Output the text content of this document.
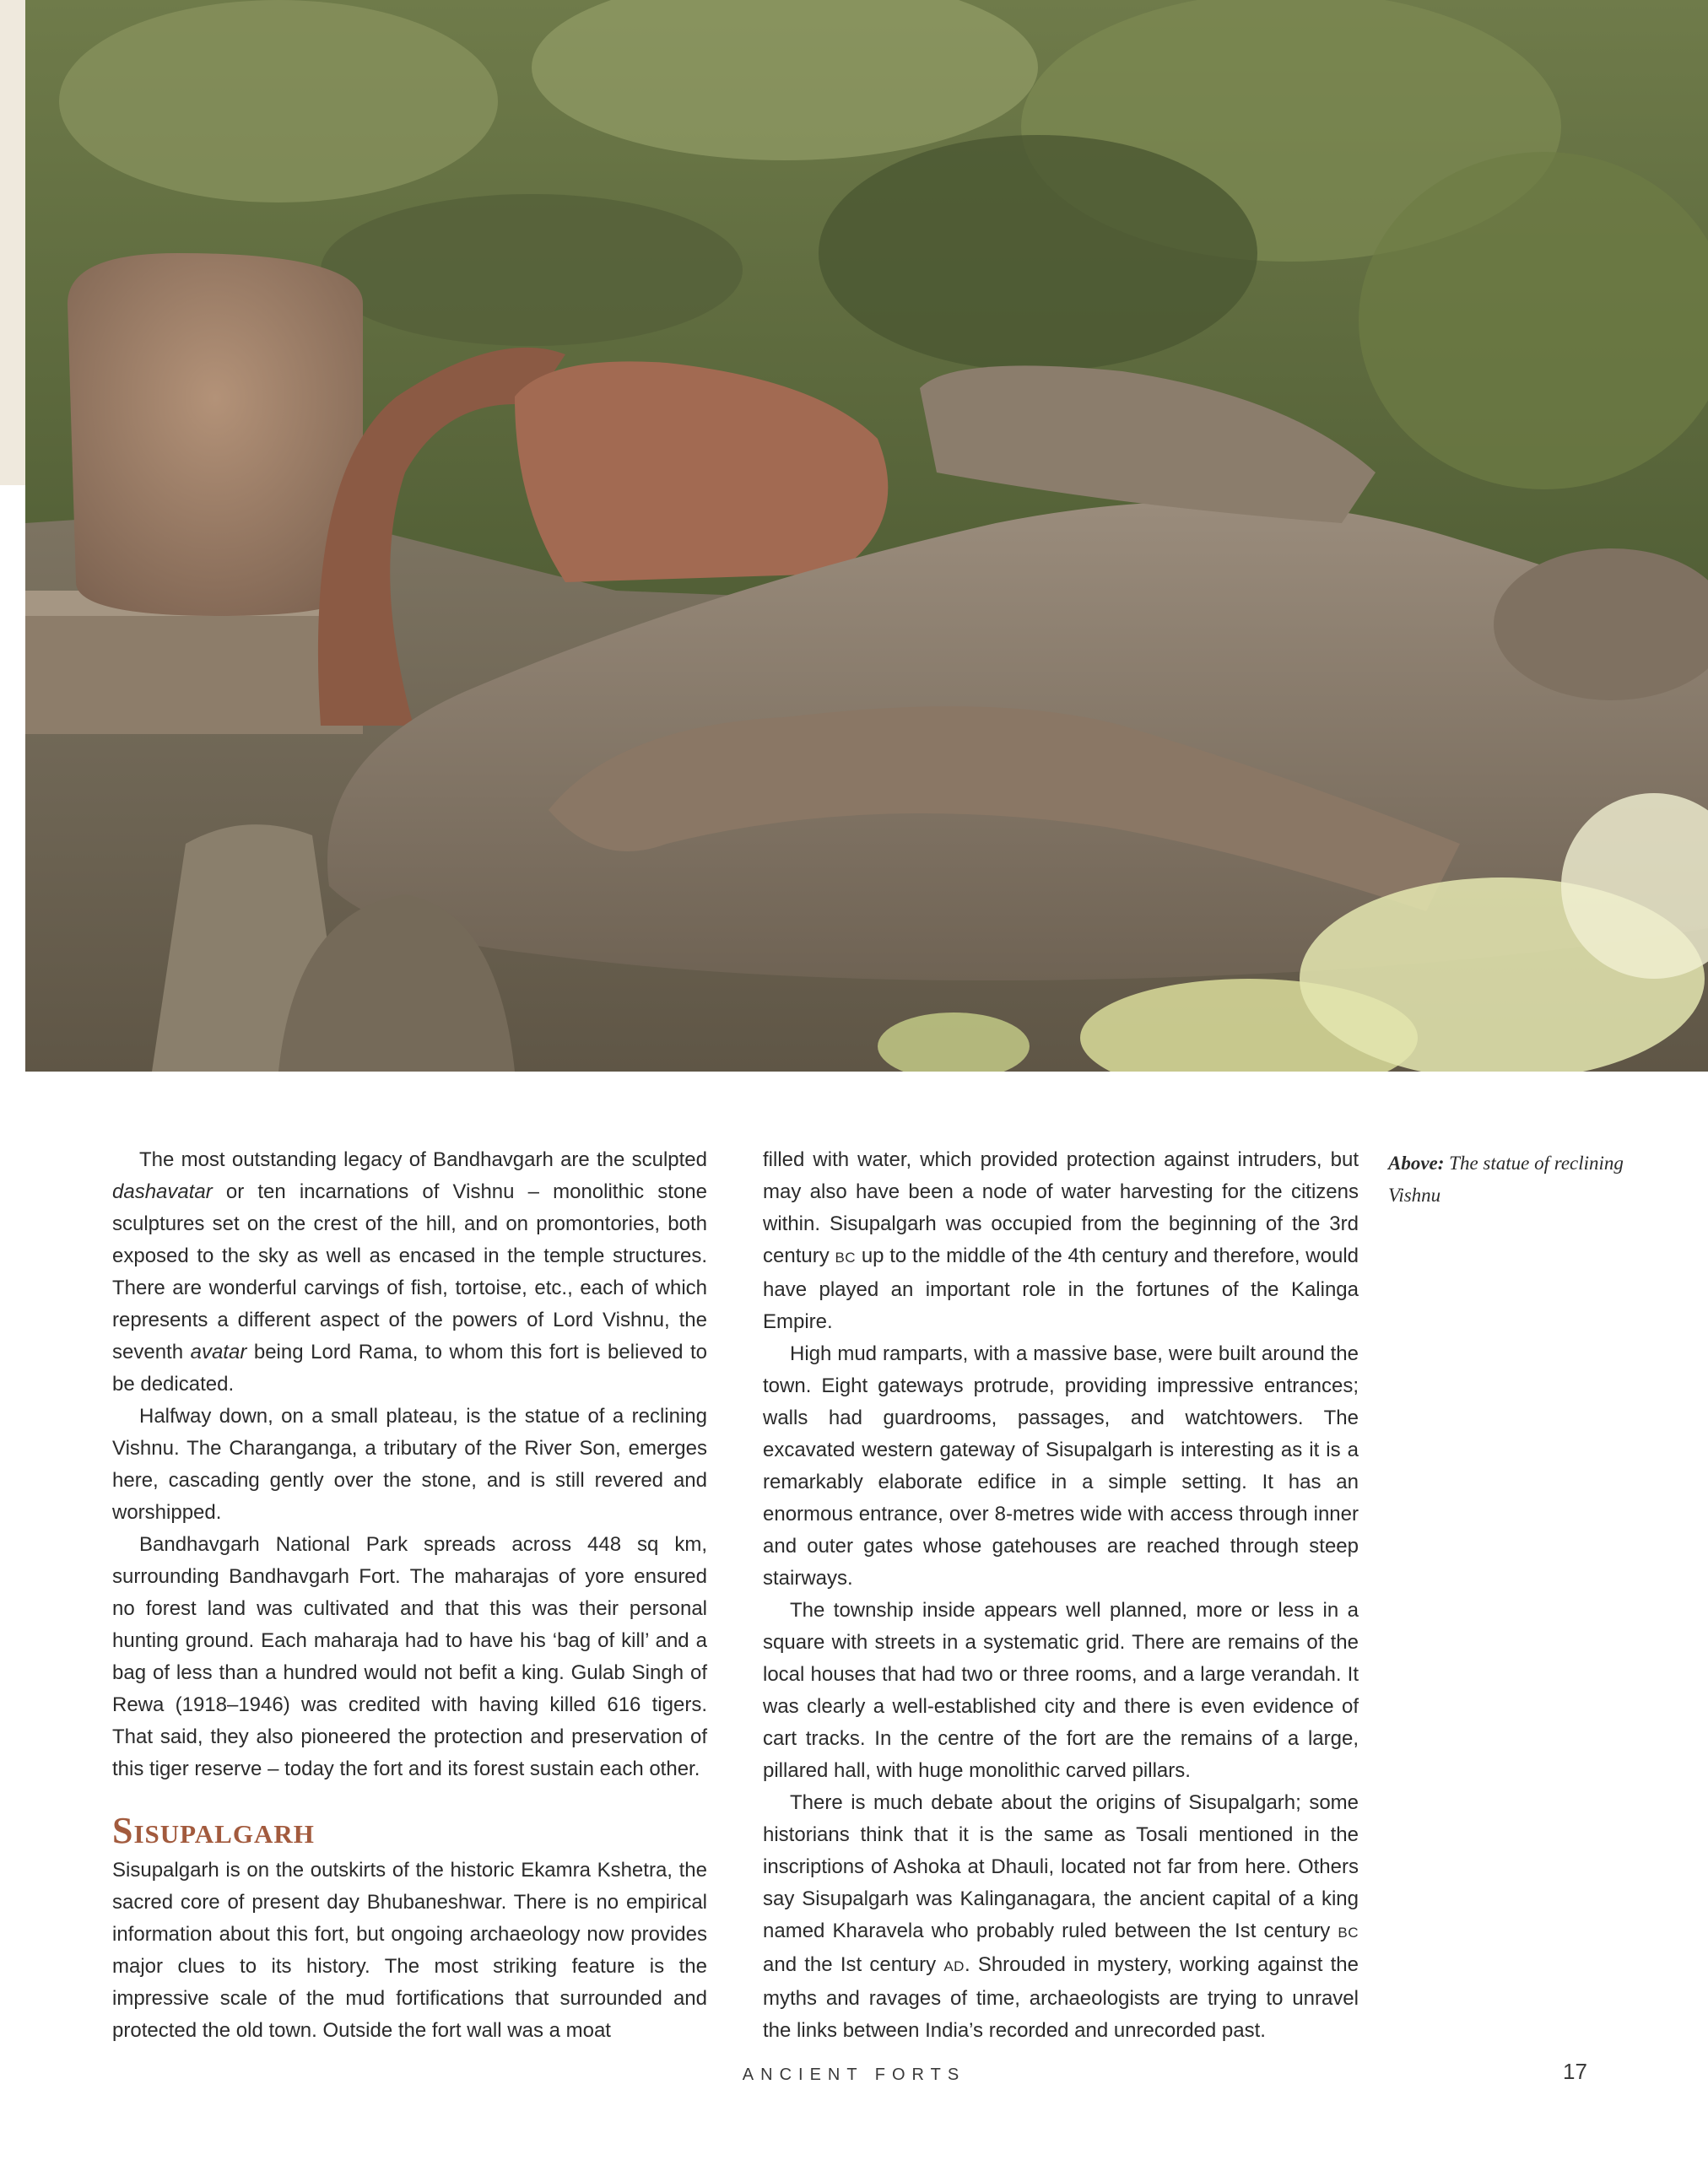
The most outstanding legacy of Bandhavgarh are the sculpted dashavatar or ten incarnations of Vishnu – monolithic stone sculptures set on the crest of the hill, and on promontories, both exposed to the sky as well as encased in the temple structures. There are wonderful carvings of fish, tortoise, etc., each of which represents a different aspect of the powers of Lord Vishnu, the seventh avatar being Lord Rama, to whom this fort is believed to be dedicated.

Halfway down, on a small plateau, is the statue of a reclining Vishnu. The Charanganga, a tributary of the River Son, emerges here, cascading gently over the stone, and is still revered and worshipped.

Bandhavgarh National Park spreads across 448 sq km, surrounding Bandhavgarh Fort. The maharajas of yore ensured no forest land was cultivated and that this was their personal hunting ground. Each maharaja had to have his ‘bag of kill’ and a bag of less than a hundred would not befit a king. Gulab Singh of Rewa (1918–1946) was credited with having killed 616 tigers. That said, they also pioneered the protection and preservation of this tiger reserve – today the fort and its forest sustain each other.

Sisupalgarh

Sisupalgarh is on the outskirts of the historic Ekamra Kshetra, the sacred core of present day Bhubaneshwar. There is no empirical information about this fort, but ongoing archaeology now provides major clues to its history. The most striking feature is the impressive scale of the mud fortifications that surrounded and protected the old town. Outside the fort wall was a moat

filled with water, which provided protection against intruders, but may also have been a node of water harvesting for the citizens within. Sisupalgarh was occupied from the beginning of the 3rd century BC up to the middle of the 4th century and therefore, would have played an important role in the fortunes of the Kalinga Empire.

High mud ramparts, with a massive base, were built around the town. Eight gateways protrude, providing impressive entrances; walls had guardrooms, passages, and watchtowers. The excavated western gateway of Sisupalgarh is interesting as it is a remarkably elaborate edifice in a simple setting. It has an enormous entrance, over 8-metres wide with access through inner and outer gates whose gatehouses are reached through steep stairways.

The township inside appears well planned, more or less in a square with streets in a systematic grid. There are remains of the local houses that had two or three rooms, and a large verandah. It was clearly a well-established city and there is even evidence of cart tracks. In the centre of the fort are the remains of a large, pillared hall, with huge monolithic carved pillars.

There is much debate about the origins of Sisupalgarh; some historians think that it is the same as Tosali mentioned in the inscriptions of Ashoka at Dhauli, located not far from here. Others say Sisupalgarh was Kalinganagara, the ancient capital of a king named Kharavela who probably ruled between the Ist century BC and the Ist century AD. Shrouded in mystery, working against the myths and ravages of time, archaeologists are trying to unravel the links between India’s recorded and unrecorded past.

Above: The statue of reclining Vishnu
ANCIENT FORTS	17
